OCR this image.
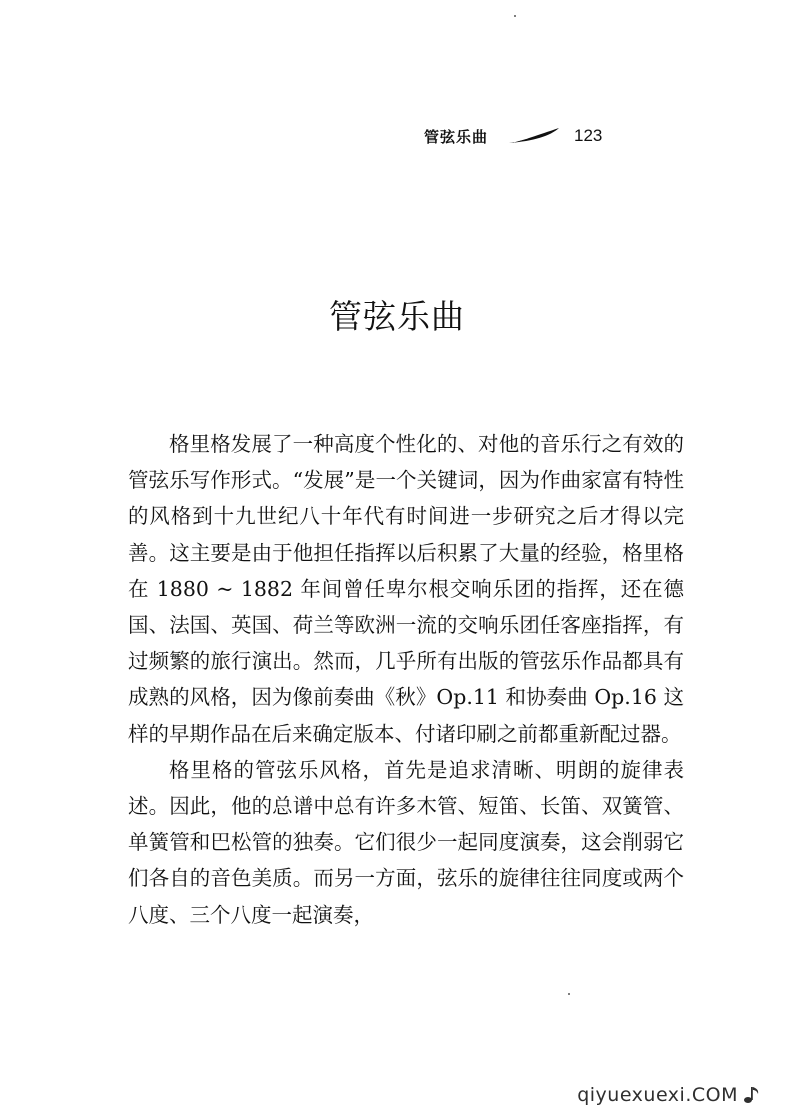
管弦乐曲	123
管弦乐曲

格里格发展了一种高度个性化的、对他的音乐行之有效的管弦乐写作形式。“发展”是一个关键词，因为作曲家富有特性的风格到十九世纪八十年代有时间进一步研究之后才得以完善。这主要是由于他担任指挥以后积累了大量的经验，格里格在 1880 ~ 1882 年间曾任卑尔根交响乐团的指挥，还在德国、法国、英国、荷兰等欧洲一流的交响乐团任客座指挥，有过频繁的旅行演出。然而，几乎所有出版的管弦乐作品都具有成熟的风格，因为像前奏曲《秋》Op.11 和协奏曲 Op.16 这样的早期作品在后来确定版本、付诸印刷之前都重新配过器。

格里格的管弦乐风格，首先是追求清晰、明朗的旋律表述。因此，他的总谱中总有许多木管、短笛、长笛、双簧管、单簧管和巴松管的独奏。它们很少一起同度演奏，这会削弱它们各自的音色美质。而另一方面，弦乐的旋律往往同度或两个八度、三个八度一起演奏，

qiyuexuexi.COM
